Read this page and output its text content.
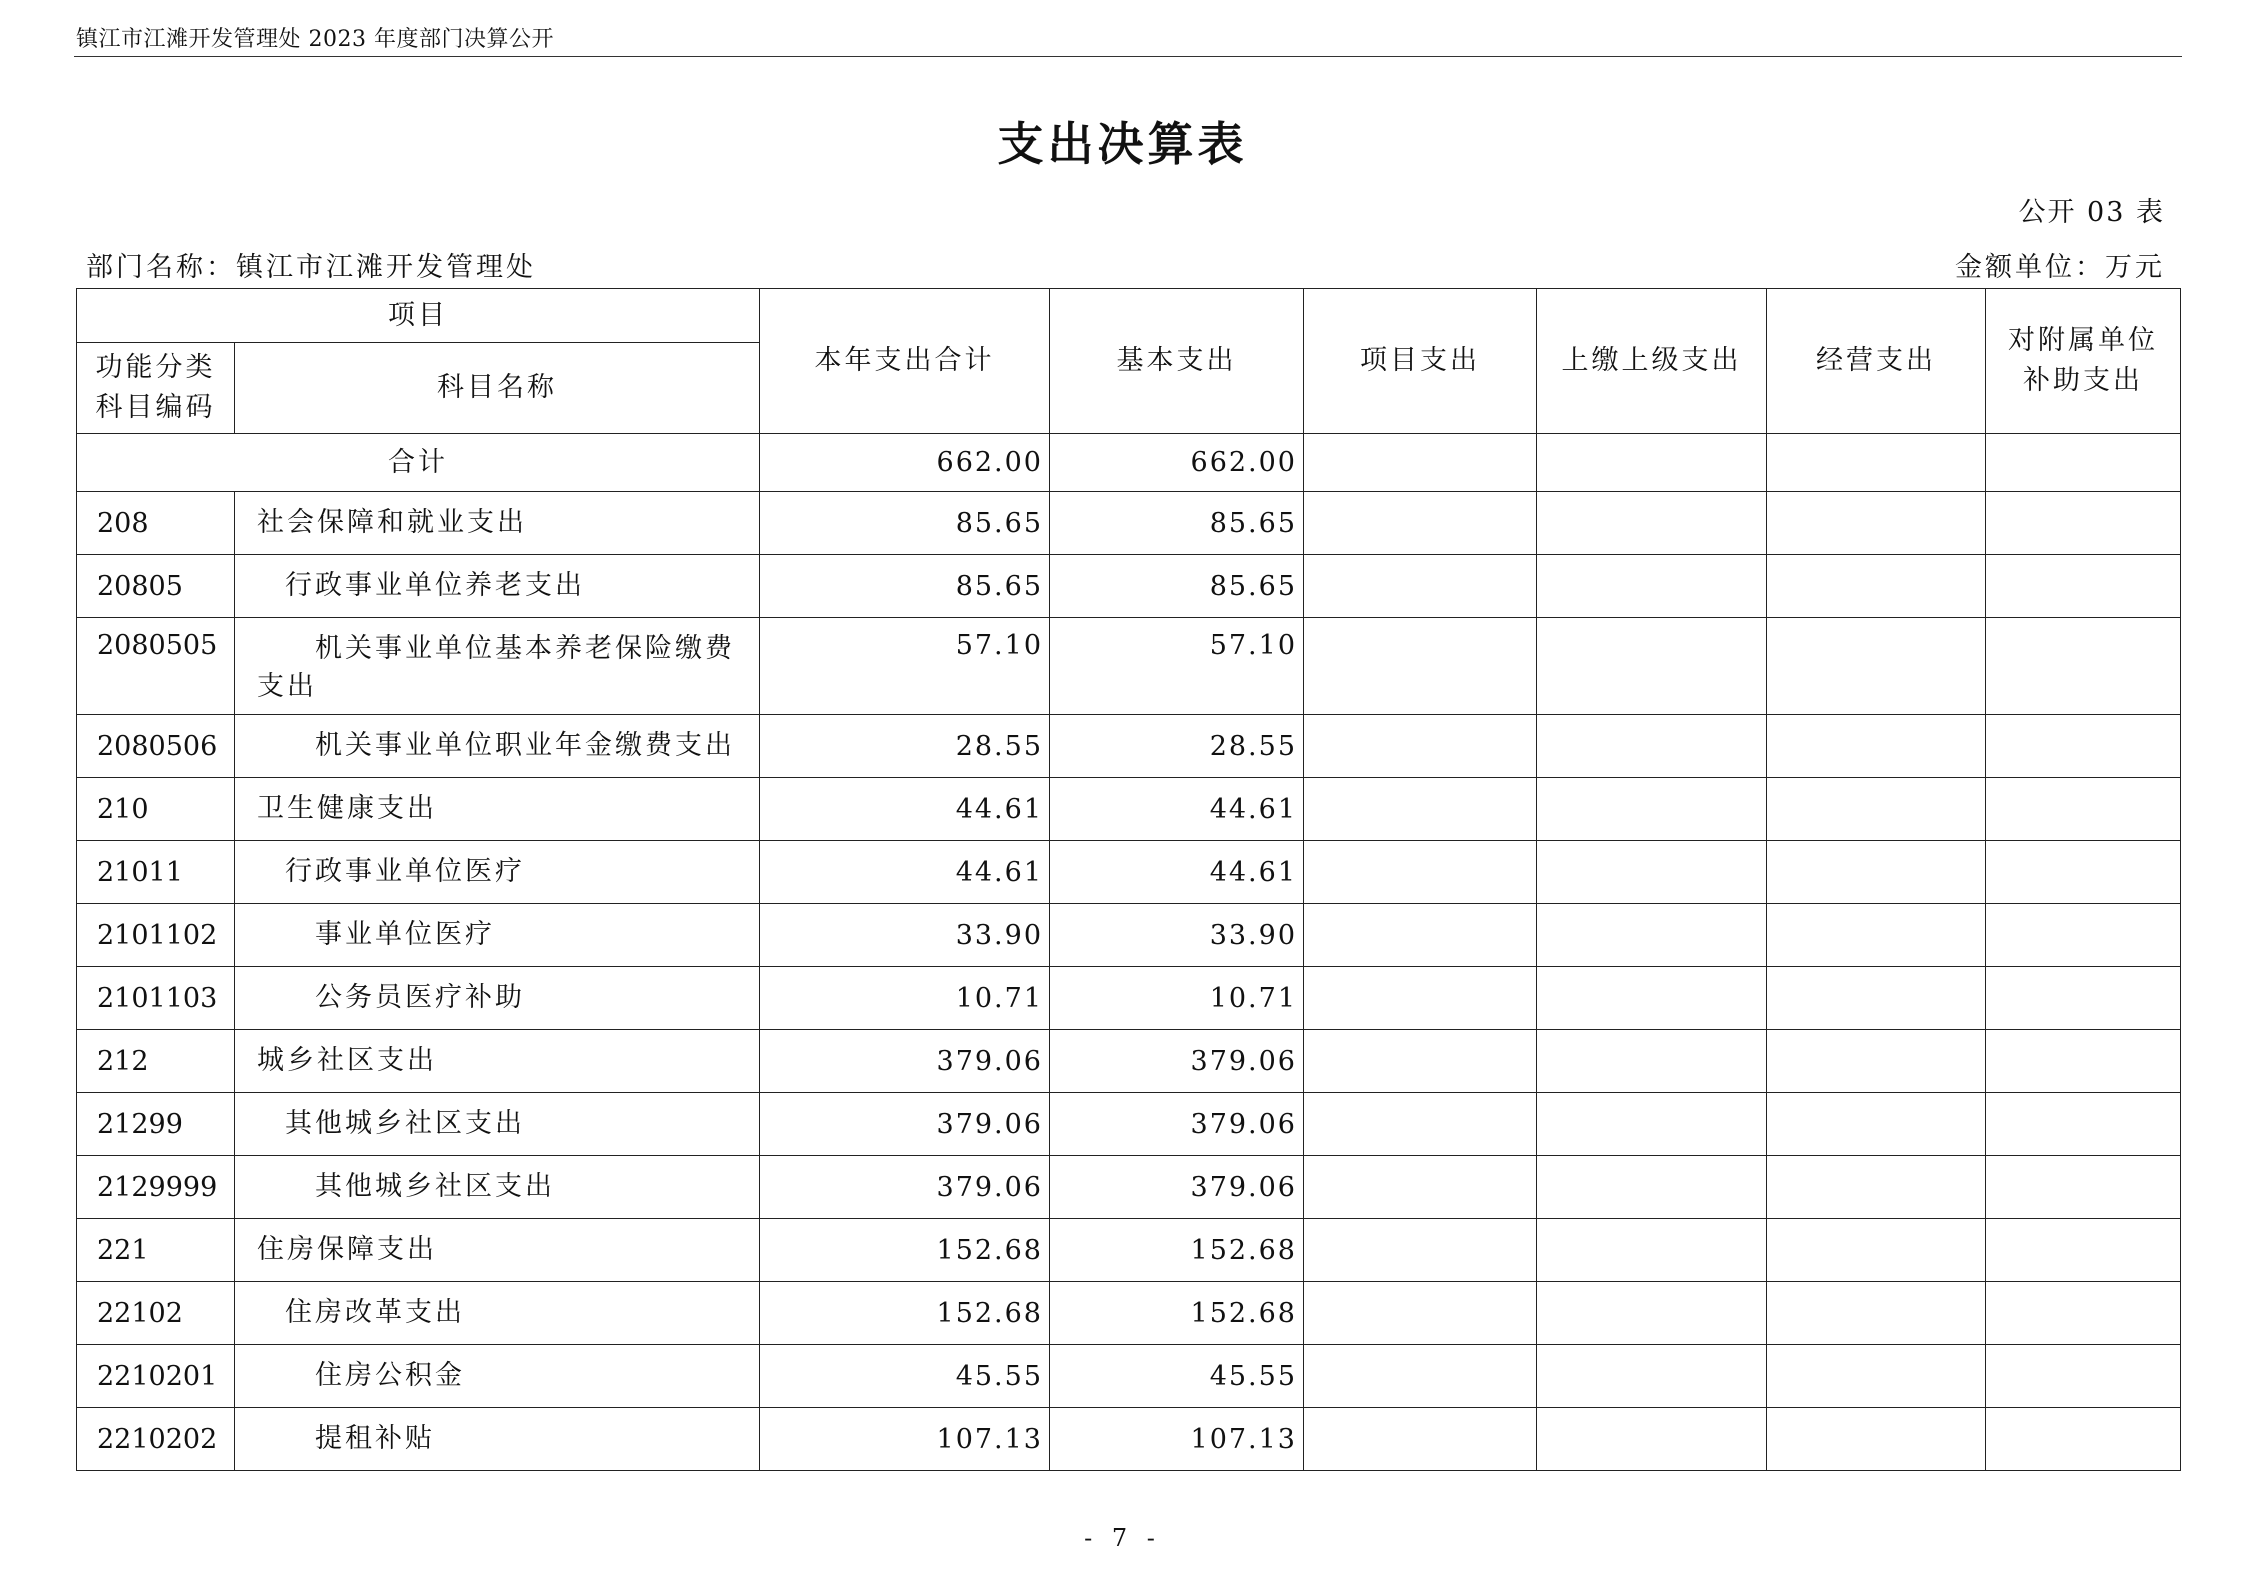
镇江市江滩开发管理处 2023 年度部门决算公开
支出决算表
公开 03 表
部门名称：镇江市江滩开发管理处	金额单位：万元
项目		本年支出合计	基本支出	项目支出	上缴上级支出	经营支出	对附属单位
补助支出
功能分类
科目编码	科目名称						
合计		662.00	662.00				
208	社会保障和就业支出	85.65	85.65				
20805	行政事业单位养老支出	85.65	85.65				
2080505	机关事业单位基本养老保险缴费支出	57.10	57.10				
2080506	机关事业单位职业年金缴费支出	28.55	28.55				
210	卫生健康支出	44.61	44.61				
21011	行政事业单位医疗	44.61	44.61				
2101102	事业单位医疗	33.90	33.90				
2101103	公务员医疗补助	10.71	10.71				
212	城乡社区支出	379.06	379.06				
21299	其他城乡社区支出	379.06	379.06				
2129999	其他城乡社区支出	379.06	379.06				
221	住房保障支出	152.68	152.68				
22102	住房改革支出	152.68	152.68				
2210201	住房公积金	45.55	45.55				
2210202	提租补贴	107.13	107.13				
- 7 -
